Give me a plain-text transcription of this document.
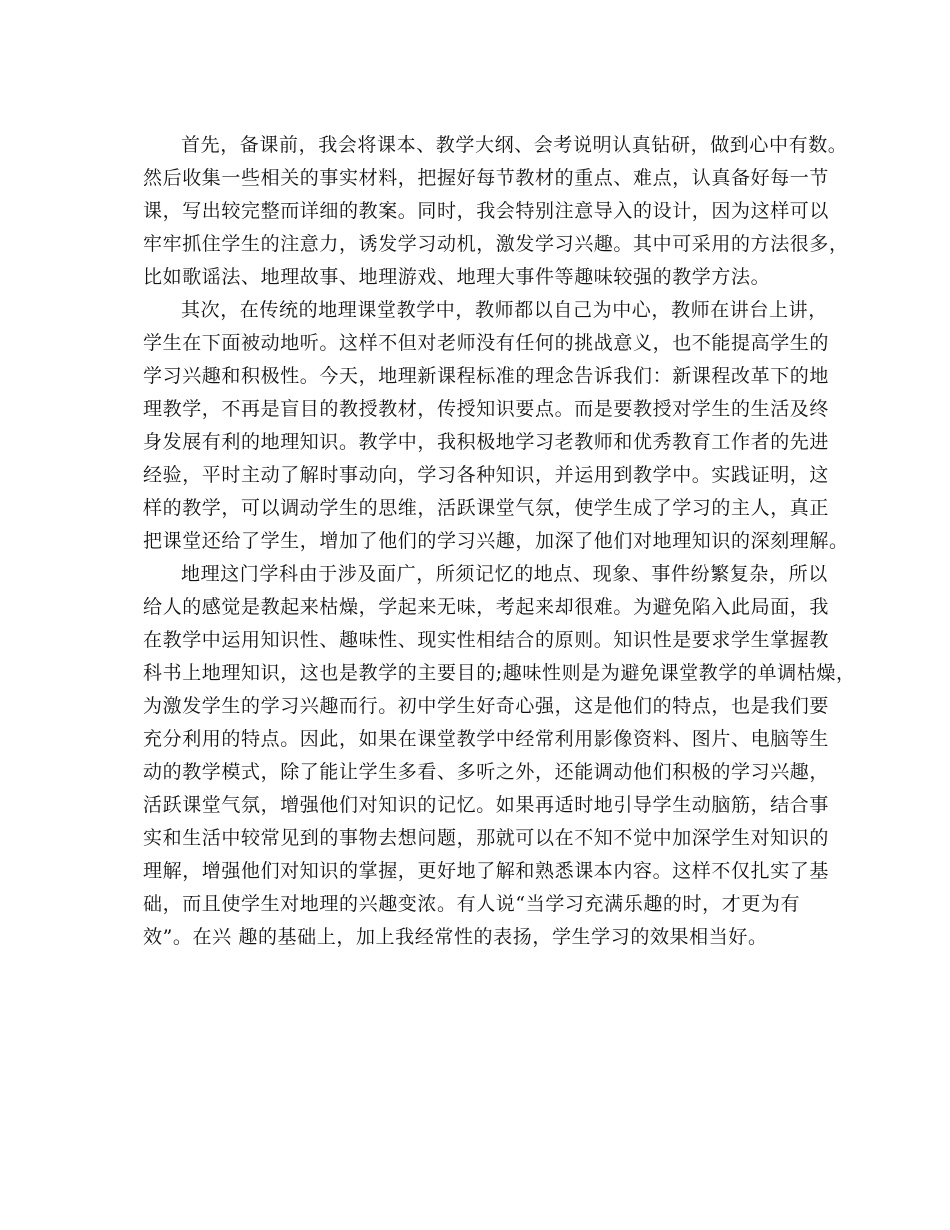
首先，备课前，我会将课本、教学大纲、会考说明认真钻研，做到心中有数。
然后收集一些相关的事实材料，把握好每节教材的重点、难点，认真备好每一节
课，写出较完整而详细的教案。同时，我会特别注意导入的设计，因为这样可以
牢牢抓住学生的注意力，诱发学习动机，激发学习兴趣。其中可采用的方法很多，
比如歌谣法、地理故事、地理游戏、地理大事件等趣味较强的教学方法。
其次，在传统的地理课堂教学中，教师都以自己为中心，教师在讲台上讲，
学生在下面被动地听。这样不但对老师没有任何的挑战意义，也不能提高学生的
学习兴趣和积极性。今天，地理新课程标准的理念告诉我们：新课程改革下的地
理教学，不再是盲目的教授教材，传授知识要点。而是要教授对学生的生活及终
身发展有利的地理知识。教学中，我积极地学习老教师和优秀教育工作者的先进
经验，平时主动了解时事动向，学习各种知识，并运用到教学中。实践证明，这
样的教学，可以调动学生的思维，活跃课堂气氛，使学生成了学习的主人，真正
把课堂还给了学生，增加了他们的学习兴趣，加深了他们对地理知识的深刻理解。
地理这门学科由于涉及面广，所须记忆的地点、现象、事件纷繁复杂，所以
给人的感觉是教起来枯燥，学起来无味，考起来却很难。为避免陷入此局面，我
在教学中运用知识性、趣味性、现实性相结合的原则。知识性是要求学生掌握教
科书上地理知识，这也是教学的主要目的;趣味性则是为避免课堂教学的单调枯燥，
为激发学生的学习兴趣而行。初中学生好奇心强，这是他们的特点，也是我们要
充分利用的特点。因此，如果在课堂教学中经常利用影像资料、图片、电脑等生
动的教学模式，除了能让学生多看、多听之外，还能调动他们积极的学习兴趣，
活跃课堂气氛，增强他们对知识的记忆。如果再适时地引导学生动脑筋，结合事
实和生活中较常见到的事物去想问题，那就可以在不知不觉中加深学生对知识的
理解，增强他们对知识的掌握，更好地了解和熟悉课本内容。这样不仅扎实了基
础，而且使学生对地理的兴趣变浓。有人说“当学习充满乐趣的时，才更为有
效”。在兴 趣的基础上，加上我经常性的表扬，学生学习的效果相当好。
